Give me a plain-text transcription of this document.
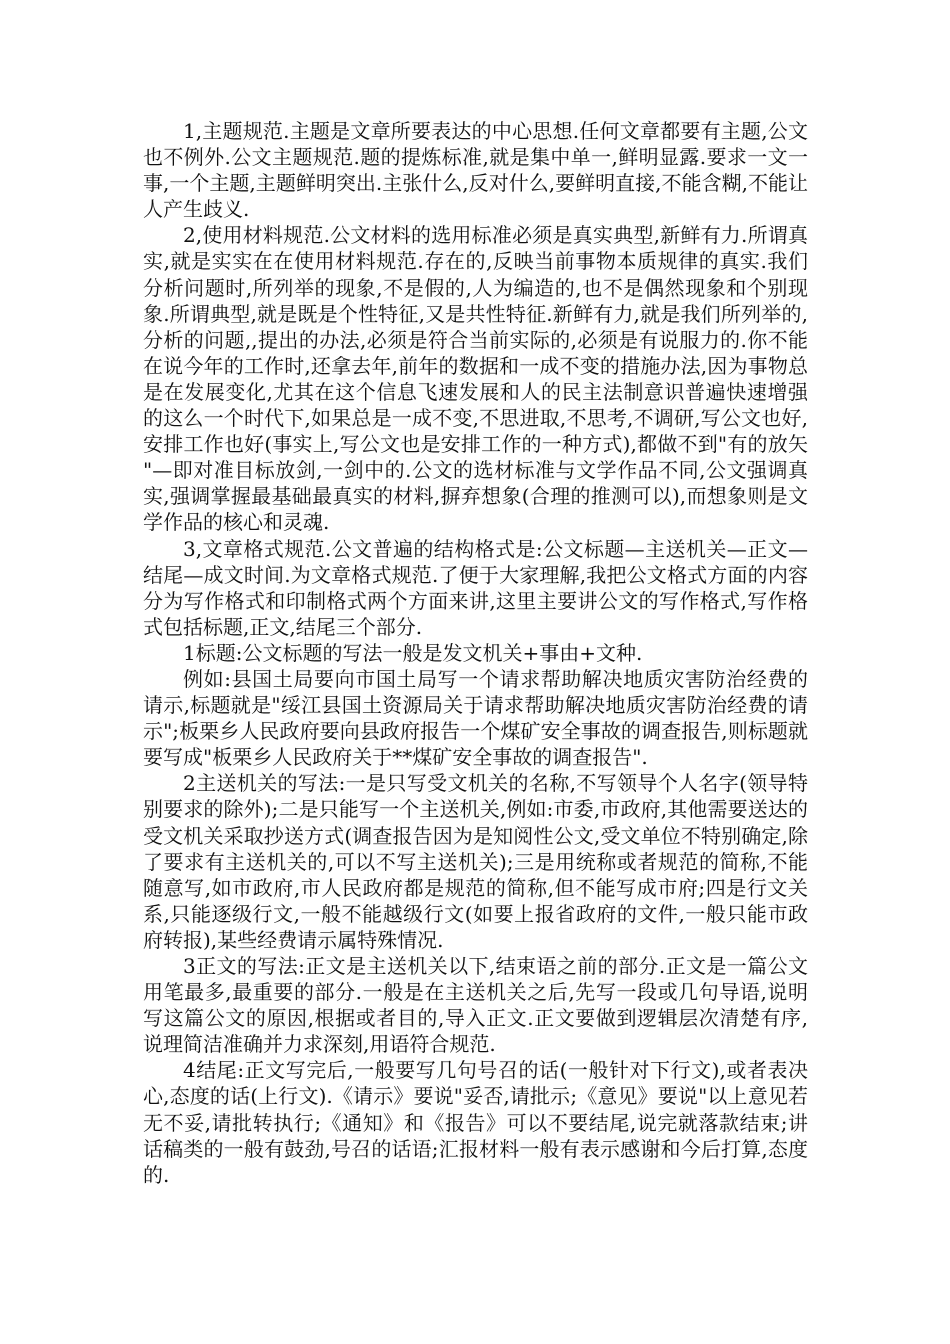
1,主题规范.主题是文章所要表达的中心思想.任何文章都要有主题,公文也不例外.公文主题规范.题的提炼标准,就是集中单一,鲜明显露.要求一文一事,一个主题,主题鲜明突出.主张什么,反对什么,要鲜明直接,不能含糊,不能让人产生歧义.

2,使用材料规范.公文材料的选用标准必须是真实典型,新鲜有力.所谓真实,就是实实在在使用材料规范.存在的,反映当前事物本质规律的真实.我们分析问题时,所列举的现象,不是假的,人为编造的,也不是偶然现象和个别现象.所谓典型,就是既是个性特征,又是共性特征.新鲜有力,就是我们所列举的,分析的问题,,提出的办法,必须是符合当前实际的,必须是有说服力的.你不能在说今年的工作时,还拿去年,前年的数据和一成不变的措施办法,因为事物总是在发展变化,尤其在这个信息飞速发展和人的民主法制意识普遍快速增强的这么一个时代下,如果总是一成不变,不思进取,不思考,不调研,写公文也好,安排工作也好(事实上,写公文也是安排工作的一种方式),都做不到"有的放矢"—即对准目标放剑,一剑中的.公文的选材标准与文学作品不同,公文强调真实,强调掌握最基础最真实的材料,摒弃想象(合理的推测可以),而想象则是文学作品的核心和灵魂.

3,文章格式规范.公文普遍的结构格式是:公文标题—主送机关—正文—结尾—成文时间.为文章格式规范.了便于大家理解,我把公文格式方面的内容分为写作格式和印制格式两个方面来讲,这里主要讲公文的写作格式,写作格式包括标题,正文,结尾三个部分.

1标题:公文标题的写法一般是发文机关+事由+文种.

例如:县国土局要向市国土局写一个请求帮助解决地质灾害防治经费的请示,标题就是"绥江县国土资源局关于请求帮助解决地质灾害防治经费的请示";板栗乡人民政府要向县政府报告一个煤矿安全事故的调查报告,则标题就要写成"板栗乡人民政府关于**煤矿安全事故的调查报告".

2主送机关的写法:一是只写受文机关的名称,不写领导个人名字(领导特别要求的除外);二是只能写一个主送机关,例如:市委,市政府,其他需要送达的受文机关采取抄送方式(调查报告因为是知阅性公文,受文单位不特别确定,除了要求有主送机关的,可以不写主送机关);三是用统称或者规范的简称,不能随意写,如市政府,市人民政府都是规范的简称,但不能写成市府;四是行文关系,只能逐级行文,一般不能越级行文(如要上报省政府的文件,一般只能市政府转报),某些经费请示属特殊情况.

3正文的写法:正文是主送机关以下,结束语之前的部分.正文是一篇公文用笔最多,最重要的部分.一般是在主送机关之后,先写一段或几句导语,说明写这篇公文的原因,根据或者目的,导入正文.正文要做到逻辑层次清楚有序,说理简洁准确并力求深刻,用语符合规范.

4结尾:正文写完后,一般要写几句号召的话(一般针对下行文),或者表决心,态度的话(上行文).《请示》要说"妥否,请批示;《意见》要说"以上意见若无不妥,请批转执行;《通知》和《报告》可以不要结尾,说完就落款结束;讲话稿类的一般有鼓劲,号召的话语;汇报材料一般有表示感谢和今后打算,态度的.
